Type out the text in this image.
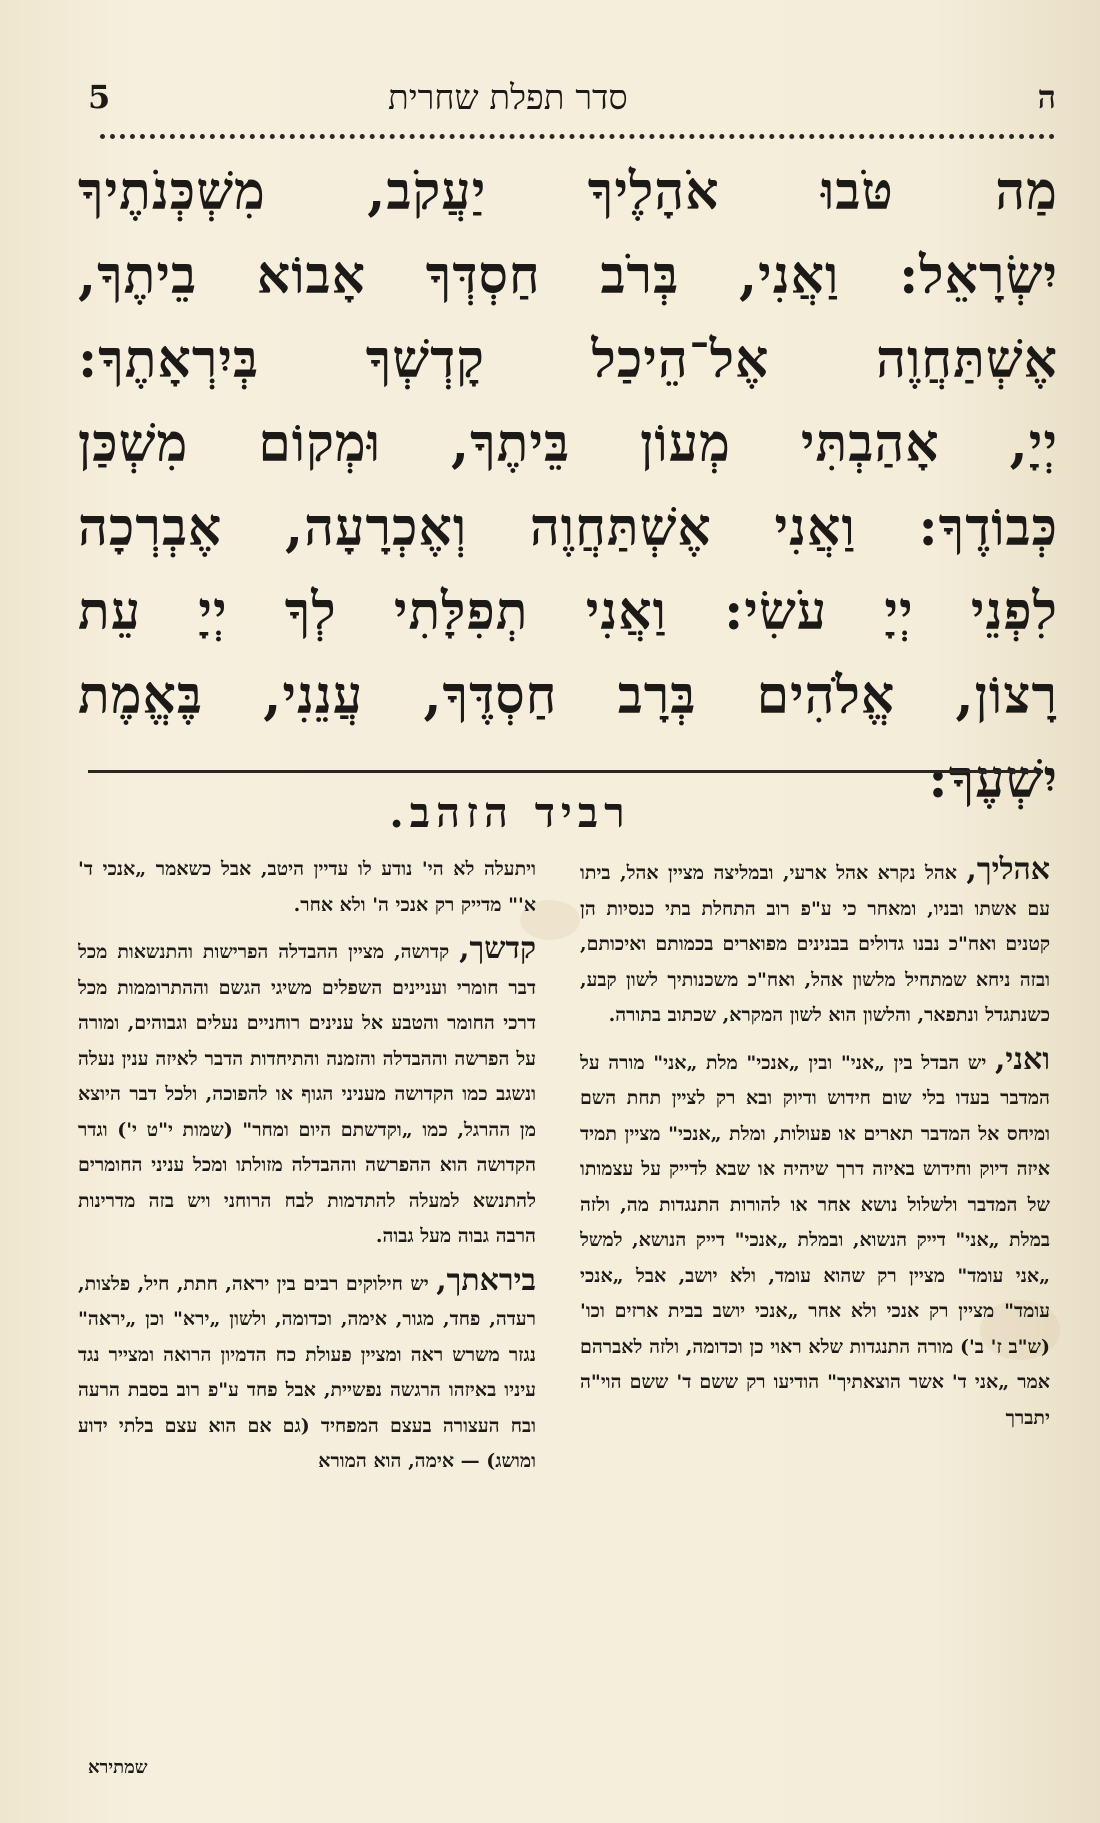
5	סדר תפלת שחרית	ה
מַה טֹּבוּ אֹהָלֶיךָ יַעֲקֹב, מִשְׁכְּנֹתֶיךָ
יִשְׂרָאֵל: וַאֲנִי, בְּרֹב חַסְדְּךָ אָבוֹא בֵיתֶךָ,
אֶשְׁתַּחֲוֶה אֶל־הֵיכַל קָדְשְׁךָ בְּיִרְאָתֶךָ:
יְיָ, אָהַבְתִּי מְעוֹן בֵּיתֶךָ, וּמְקוֹם מִשְׁכַּן
כְּבוֹדֶךָ: וַאֲנִי אֶשְׁתַּחֲוֶה וְאֶכְרָעָה, אֶבְרְכָה
לִפְנֵי יְיָ עֹשִׂי: וַאֲנִי תְפִלָּתִי לְךָ יְיָ עֵת
רָצוֹן, אֱלֹהִים בְּרָב חַסְדֶּךָ, עֲנֵנִי, בֶּאֱמֶת
יִשְׁעֶךָ:
רביד הזהב.

אהליך, אהל נקרא אהל ארעי, ובמליצה מציין אהל, ביתו עם אשתו ובניו, ומאחר כי ע"פ רוב התחלת בתי כנסיות הן קטנים ואח"כ נבנו גדולים בבנינים מפוארים בכמותם ואיכותם, ובזה ניחא שמתחיל מלשון אהל, ואח"כ משכנותיך לשון קבע, כשנתגדל ונתפאר, והלשון הוא לשון המקרא, שכתוב בתורה.

ואני, יש הבדל בין „אני" ובין „אנכי" מלת „אני" מורה על המדבר בעדו בלי שום חידוש ודיוק ובא רק לציין תחת השם ומיחס אל המדבר תארים או פעולות, ומלת „אנכי" מציין תמיד איזה דיוק וחידוש באיזה דרך שיהיה או שבא לדייק על עצמותו של המדבר ולשלול נושא אחר או להורות התנגדות מה, ולזה במלת „אני" דייק הנשוא, ובמלת „אנכי" דייק הנושא, למשל „אני עומד" מציין רק שהוא עומד, ולא יושב, אבל „אנכי עומד" מציין רק אנכי ולא אחר „אנכי יושב בבית ארזים וכו' (ש"ב ז' ב') מורה התנגדות שלא ראוי כן וכדומה, ולזה לאברהם אמר „אני ד' אשר הוצאתיך" הודיעו רק ששם ד' ששם הוי"ה יתברך

ויתעלה לא הי' נודע לו עדיין היטב, אבל כשאמר „אנכי ד' א'" מדייק רק אנכי ה' ולא אחר.

קדשך, קדושה, מציין ההבדלה הפרישות והתנשאות מכל דבר חומרי ועניינים השפלים משיגי הגשם וההתרוממות מכל דרכי החומר והטבע אל ענינים רוחניים נעלים וגבוהים, ומורה על הפרשה וההבדלה והזמנה והתיחדות הדבר לאיזה ענין נעלה ונשגב כמו הקדושה מעניני הגוף או להפוכה, ולכל דבר היוצא מן ההרגל, כמו „וקדשתם היום ומחר" (שמות י"ט י') וגדר הקדושה הוא ההפרשה וההבדלה מזולתו ומכל עניני החומרים להתנשא למעלה להתדמות לבח הרוחני ויש בזה מדרינות הרבה גבוה מעל גבוה.

ביראתך, יש חילוקים רבים בין יראה, חתת, חיל, פלצות, רעדה, פחד, מגור, אימה, וכדומה, ולשון „ירא" וכן „יראה" נגזר משרש ראה ומציין פעולת כח הדמיון הרואה ומצייר נגד עיניו באיזהו הרגשה נפשיית, אבל פחד ע"פ רוב בסבת הרעה ובח העצורה בעצם המפחיד (גם אם הוא עצם בלתי ידוע ומושג) — אימה, הוא המורא

שמתירא
